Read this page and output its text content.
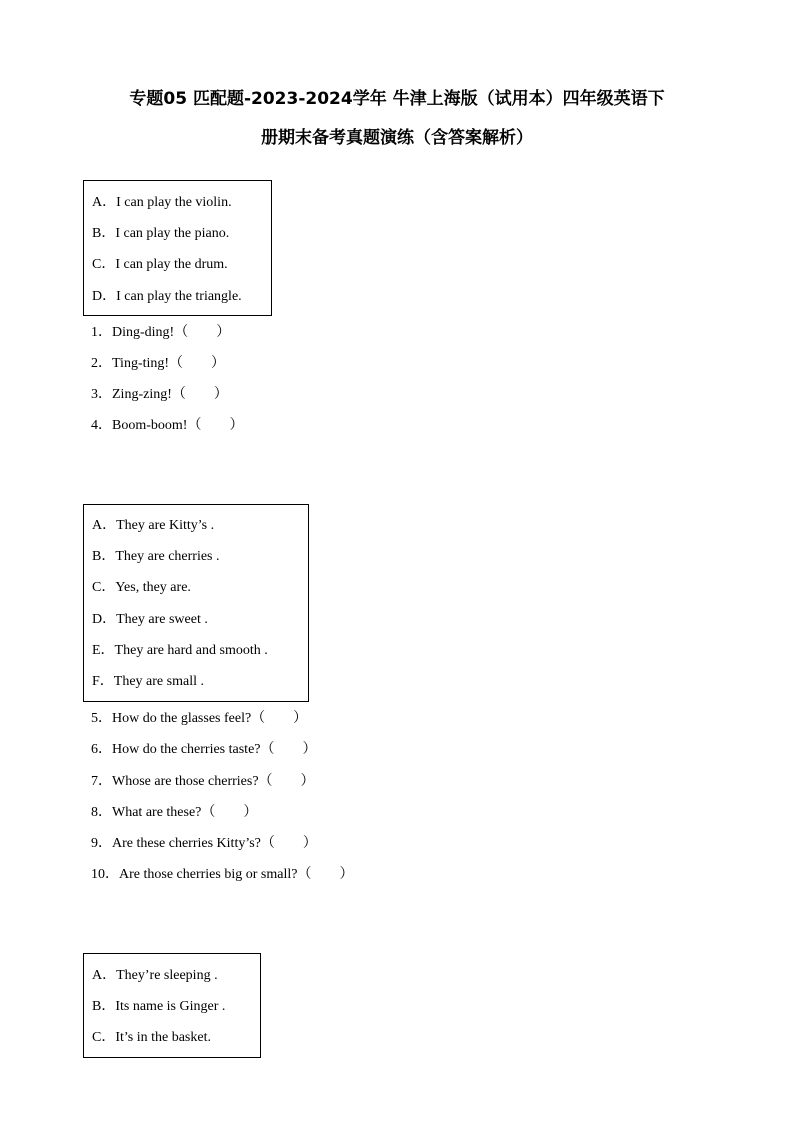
专题05 匹配题-2023-2024学年 牛津上海版（试用本）四年级英语下
册期末备考真题演练（含答案解析）
A．I can play the violin.
B．I can play the piano.
C．I can play the drum.
D．I can play the triangle.
1．Ding-ding!（　　）
2．Ting-ting!（　　）
3．Zing-zing!（　　）
4．Boom-boom!（　　）
A．They are Kitty’s .
B．They are cherries .
C．Yes, they are.
D．They are sweet .
E．They are hard and smooth .
F．They are small .
5．How do the glasses feel?（　　）
6．How do the cherries taste?（　　）
7．Whose are those cherries?（　　）
8．What are these?（　　）
9．Are these cherries Kitty’s?（　　）
10．Are those cherries big or small?（　　）
A．They’re sleeping .
B．Its name is Ginger .
C．It’s in the basket.
